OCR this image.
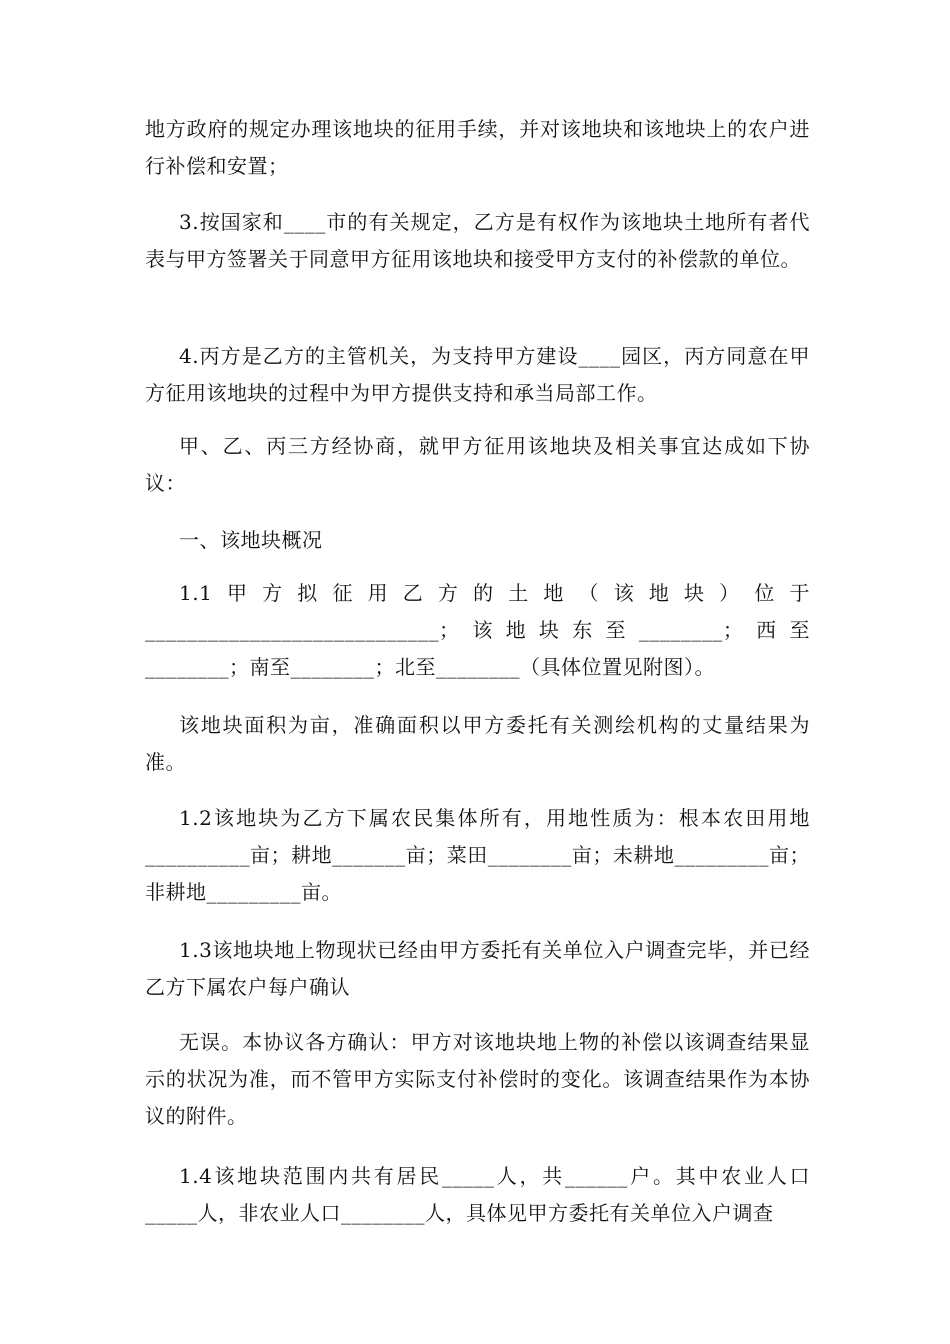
地方政府的规定办理该地块的征用手续，并对该地块和该地块上的农户进行补偿和安置；

3.按国家和____市的有关规定，乙方是有权作为该地块土地所有者代表与甲方签署关于同意甲方征用该地块和接受甲方支付的补偿款的单位。

4.丙方是乙方的主管机关，为支持甲方建设____园区，丙方同意在甲方征用该地块的过程中为甲方提供支持和承当局部工作。

甲、乙、丙三方经协商，就甲方征用该地块及相关事宜达成如下协议：

一、该地块概况

1.1甲方拟征用乙方的土地（该地块）位于____________________________；该地块东至________；西至________；南至________；北至________（具体位置见附图）。

该地块面积为亩，准确面积以甲方委托有关测绘机构的丈量结果为准。

1.2该地块为乙方下属农民集体所有，用地性质为：根本农田用地__________亩；耕地_______亩；菜田________亩；未耕地_________亩；非耕地_________亩。

1.3该地块地上物现状已经由甲方委托有关单位入户调查完毕，并已经乙方下属农户每户确认

无误。本协议各方确认：甲方对该地块地上物的补偿以该调查结果显示的状况为准，而不管甲方实际支付补偿时的变化。该调查结果作为本协议的附件。

1.4该地块范围内共有居民_____人，共______户。其中农业人口_____人，非农业人口________人，具体见甲方委托有关单位入户调查
